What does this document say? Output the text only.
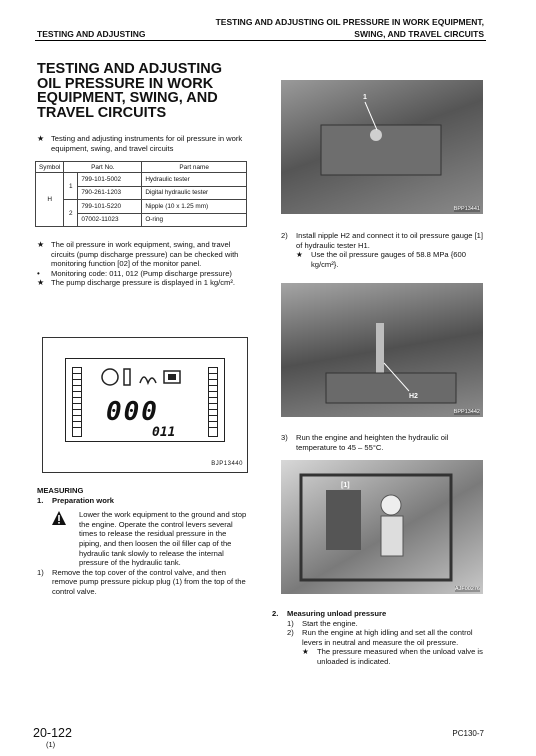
TESTING AND ADJUSTING OIL PRESSURE IN WORK EQUIPMENT,
SWING, AND TRAVEL CIRCUITS
TESTING AND ADJUSTING
TESTING AND ADJUSTING
OIL PRESSURE IN WORK
EQUIPMENT, SWING, AND
TRAVEL CIRCUITS
★ Testing and adjusting instruments for oil pressure in work equipment, swing, and travel circuits
Symbol	Part No.		Part name
H	1	799-101-5002	Hydraulic tester
		790-261-1203	Digital hydraulic tester
	2	799-101-5220	Nipple (10 x 1.25 mm)
		07002-11023	O-ring
★ The oil pressure in work equipment, swing, and travel circuits (pump discharge pressure) can be checked with monitoring function [02] of the monitor panel.
•	Monitoring code: 011, 012 (Pump discharge pressure)
★ The pump discharge pressure is displayed in 1 kg/cm².
000
011
BJP13440
MEASURING
1.	Preparation work
Lower the work equipment to the ground and stop the engine. Operate the control levers several times to release the residual pressure in the piping, and then loosen the oil filler cap of the hydraulic tank slowly to release the internal pressure of the hydraulic tank.
1)	Remove the top cover of the control valve, and then remove pump pressure pickup plug (1) from the top of the control valve.
1
BPP13441
2)	Install nipple H2 and connect it to oil pressure gauge [1] of hydraulic tester H1.
★	Use the oil pressure gauges of 58.8 MPa {600 kg/cm²}.
H2
BPP13442
3)	Run the engine and heighten the hydraulic oil temperature to 45 – 55°C.
[1]
AJF00276
2.	Measuring unload pressure
1)	Start the engine.
2)	Run the engine at high idling and set all the control levers in neutral and measure the oil pressure.
★	The pressure measured when the unload valve is unloaded is indicated.
20-122
(1)
PC130-7
